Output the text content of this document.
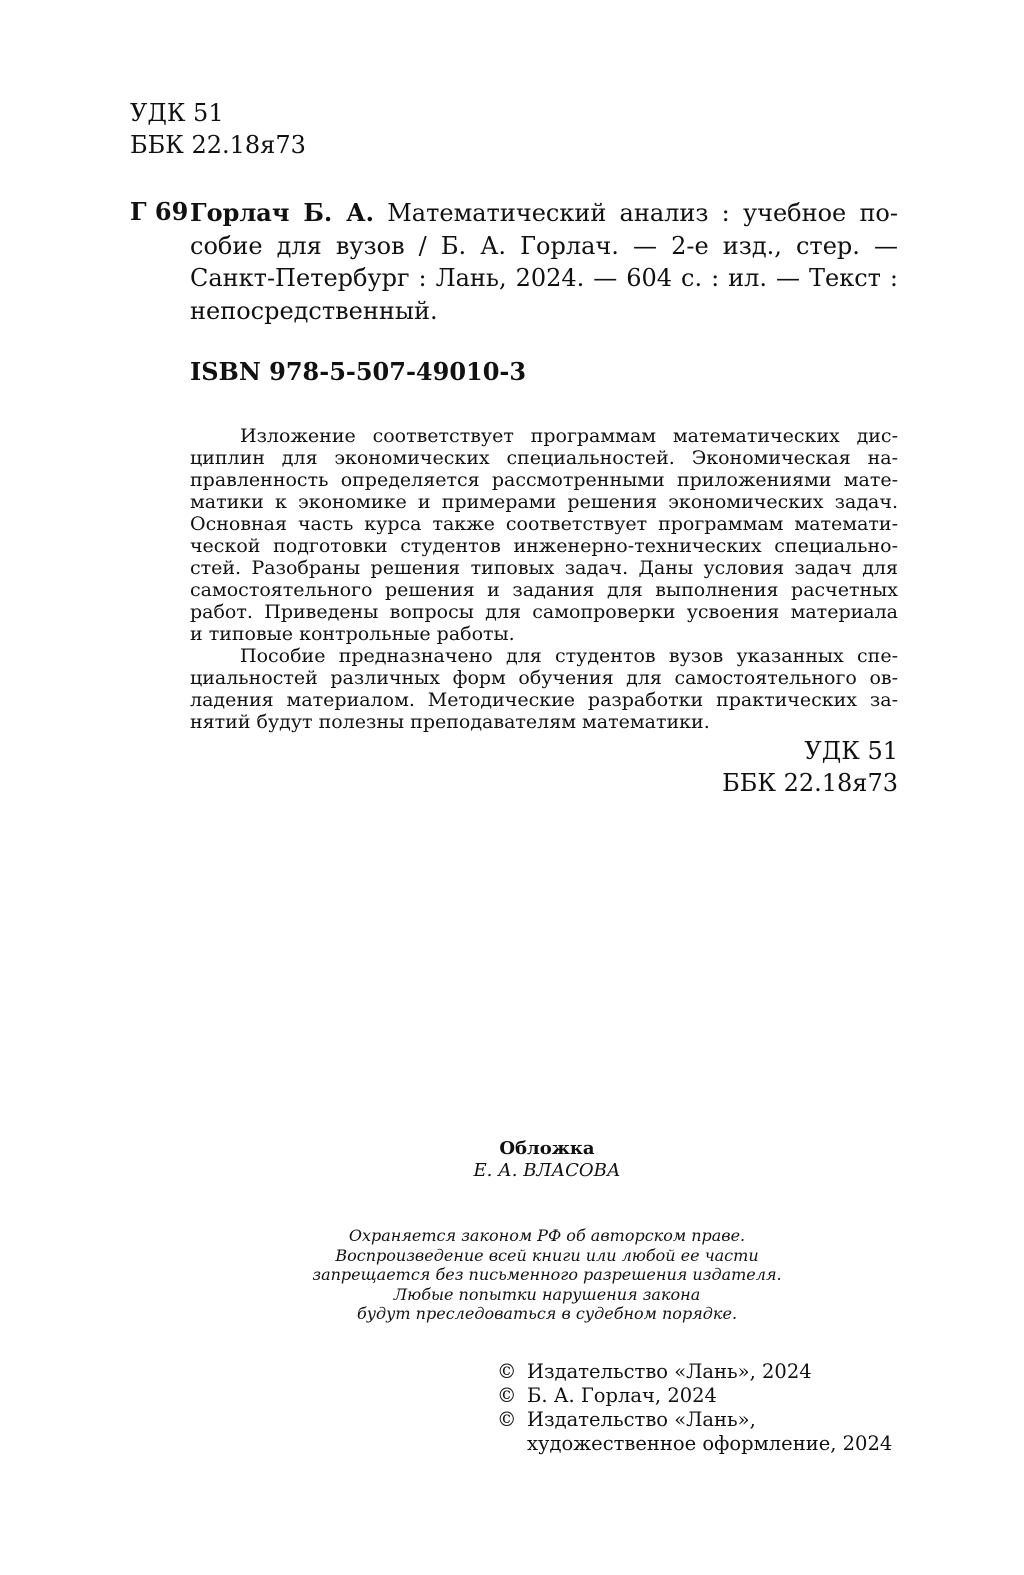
УДК 51
ББК 22.18я73
Г 69 Горлач Б. А. Математический анализ : учебное по-
собие для вузов / Б. А. Горлач. — 2-е изд., стер. —
Санкт-Петербург : Лань, 2024. — 604 с. : ил. — Текст :
непосредственный.
ISBN 978-5-507-49010-3
Изложение соответствует программам математических дис-
циплин для экономических специальностей. Экономическая на-
правленность определяется рассмотренными приложениями мате-
матики к экономике и примерами решения экономических задач.
Основная часть курса также соответствует программам математи-
ческой подготовки студентов инженерно-технических специально-
стей. Разобраны решения типовых задач. Даны условия задач для
самостоятельного решения и задания для выполнения расчетных
работ. Приведены вопросы для самопроверки усвоения материала
и типовые контрольные работы.
Пособие предназначено для студентов вузов указанных спе-
циальностей различных форм обучения для самостоятельного ов-
ладения материалом. Методические разработки практических за-
нятий будут полезны преподавателям математики.
УДК 51
ББК 22.18я73
Обложка
Е. А. ВЛАСОВА
Охраняется законом РФ об авторском праве.
Воспроизведение всей книги или любой ее части
запрещается без письменного разрешения издателя.
Любые попытки нарушения закона
будут преследоваться в судебном порядке.
© Издательство «Лань», 2024
© Б. А. Горлач, 2024
© Издательство «Лань»,
художественное оформление, 2024
